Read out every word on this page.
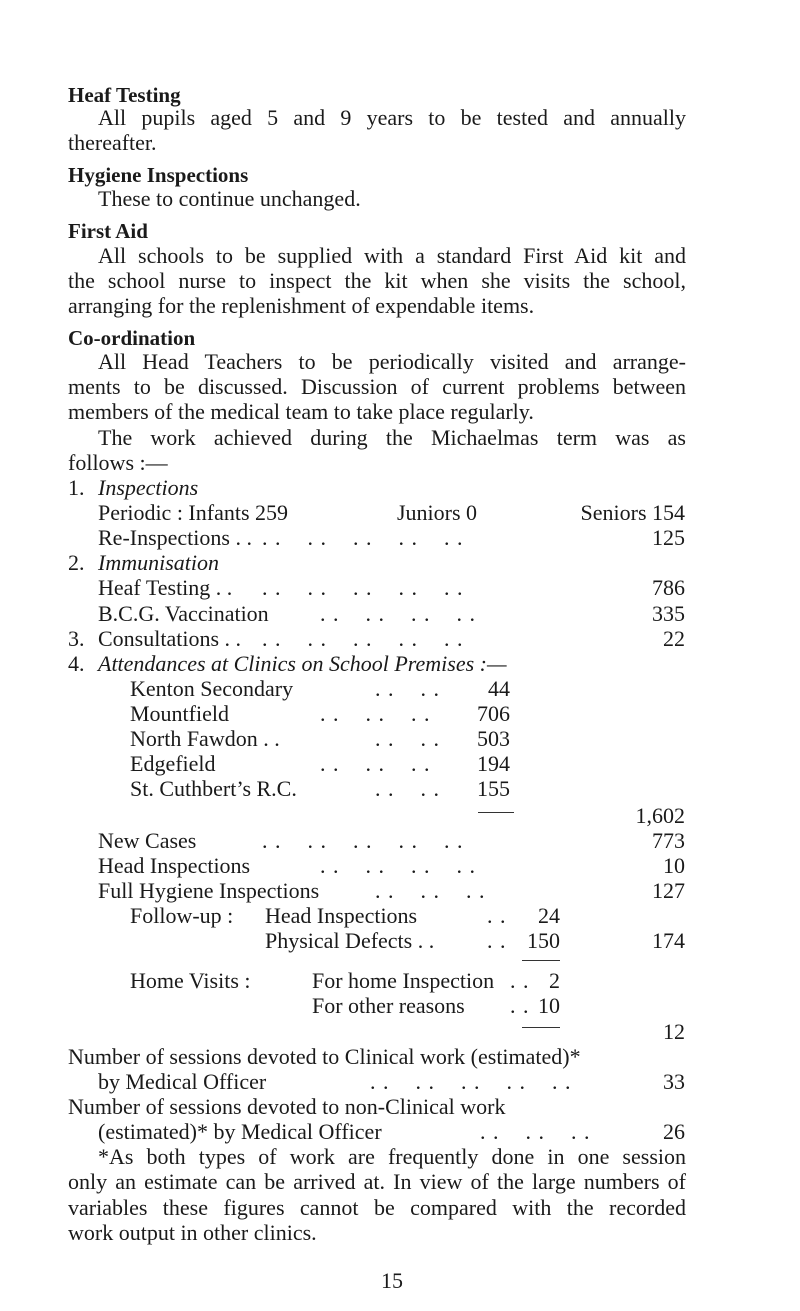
Heaf Testing
All pupils aged 5 and 9 years to be tested and annually
thereafter.
Hygiene Inspections
These to continue unchanged.
First Aid
All schools to be supplied with a standard First Aid kit and
the school nurse to inspect the kit when she visits the school,
arranging for the replenishment of expendable items.
Co-ordination
All Head Teachers to be periodically visited and arrange-
ments to be discussed. Discussion of current problems between
members of the medical team to take place regularly.
The work achieved during the Michaelmas term was as
follows :—
1. Inspections
Periodic : Infants 259	Juniors 0	Seniors 154
Re-Inspections . . . .    . .    . .    . .    . .	125
2. Immunisation
Heaf Testing . . . .    . .    . .    . .    . .	786
B.C.G. Vaccination . .    . .    . .    . .	335
3. Consultations . . . .    . .    . .    . .    . .	22
4. Attendances at Clinics on School Premises :—
Kenton Secondary	. .    . .	44
Mountfield	. .    . .    . .	706
North Fawdon . .	. .    . .	503
Edgefield	. .    . .    . .	194
St. Cuthbert’s R.C.	. .    . .	155
1,602
New Cases	. .    . .    . .    . .    . .	773
Head Inspections	. .    . .    . .    . .	10
Full Hygiene Inspections	. .    . .    . .	127
Follow-up : Head Inspections	. .	24
Physical Defects . . . . 150	174
Home Visits :	For home Inspection . . 2
For other reasons . . 10
12
Number of sessions devoted to Clinical work (estimated)*
by Medical Officer	. .    . .    . .    . .    . .	33
Number of sessions devoted to non-Clinical work
(estimated)* by Medical Officer	. .    . .    . .	26
*As both types of work are frequently done in one session
only an estimate can be arrived at. In view of the large numbers of
variables these figures cannot be compared with the recorded
work output in other clinics.
15
